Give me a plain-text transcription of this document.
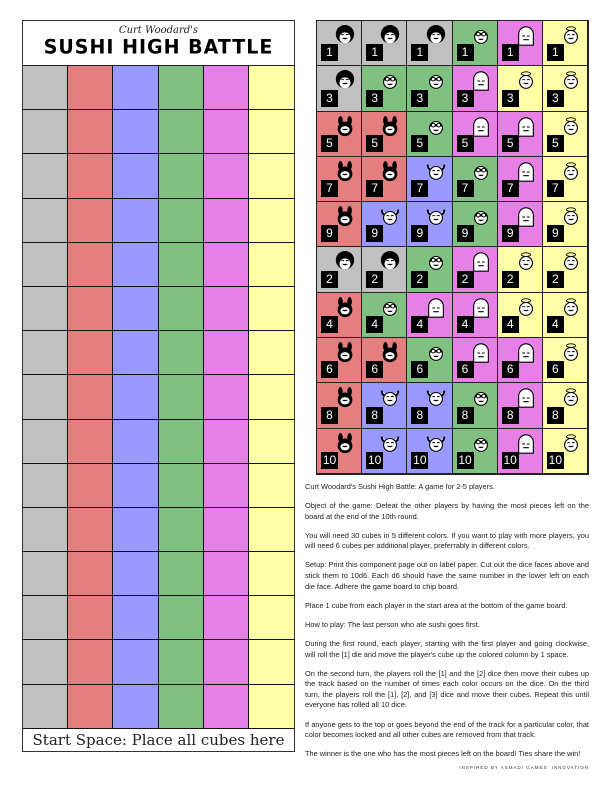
Curt Woodard's
SUSHI HIGH BATTLE
Start Space: Place all cubes here
1	1	1	1	1	1
3	3	3	3	3	3
5	5	5	5	5	5
7	7	7	7	7	7
9	9	9	9	9	9
2	2	2	2	2	2
4	4	4	4	4	4
6	6	6	6	6	6
8	8	8	8	8	8
10	10	10	10	10	10

Curt Woodard's Sushi High Battle: A game for 2-5 players.

Object of the game: Defeat the other players by having the most pieces left on the board at the end of the 10th round.

You will need 30 cubes in 5 different colors. If you want to play with more players, you will need 6 cubes per additional player, preferrably in different colors.

Setup: Print this component page out on label paper. Cut out the dice faces above and stick them to 10d6. Each d6 should have the same number in the lower left on each die face. Adhere the game board to chip board.

Place 1 cube from each player in the start area at the bottom of the game board.

How to play: The last person who ate sushi goes first.

During the first round, each player, starting with the first player and going clockwise, will roll the [1] die and move the player's cube up the colored column by 1 space.

On the second turn, the players roll the [1] and the [2] dice then move their cubes up the track based on the number of times each color occurs on the dice. On the third turn, the players roll the [1], [2], and [3] dice and move their cubes. Repeat this until everyone has rolled all 10 dice.

If anyone gets to the top or goes beyond the end of the track for a particular color, that color becomes locked and all other cubes are removed from that track.

The winner is the one who has the most pieces left on the board! Ties share the win!

INSPIRED BY ASMADI GAMES' INNOVATION
